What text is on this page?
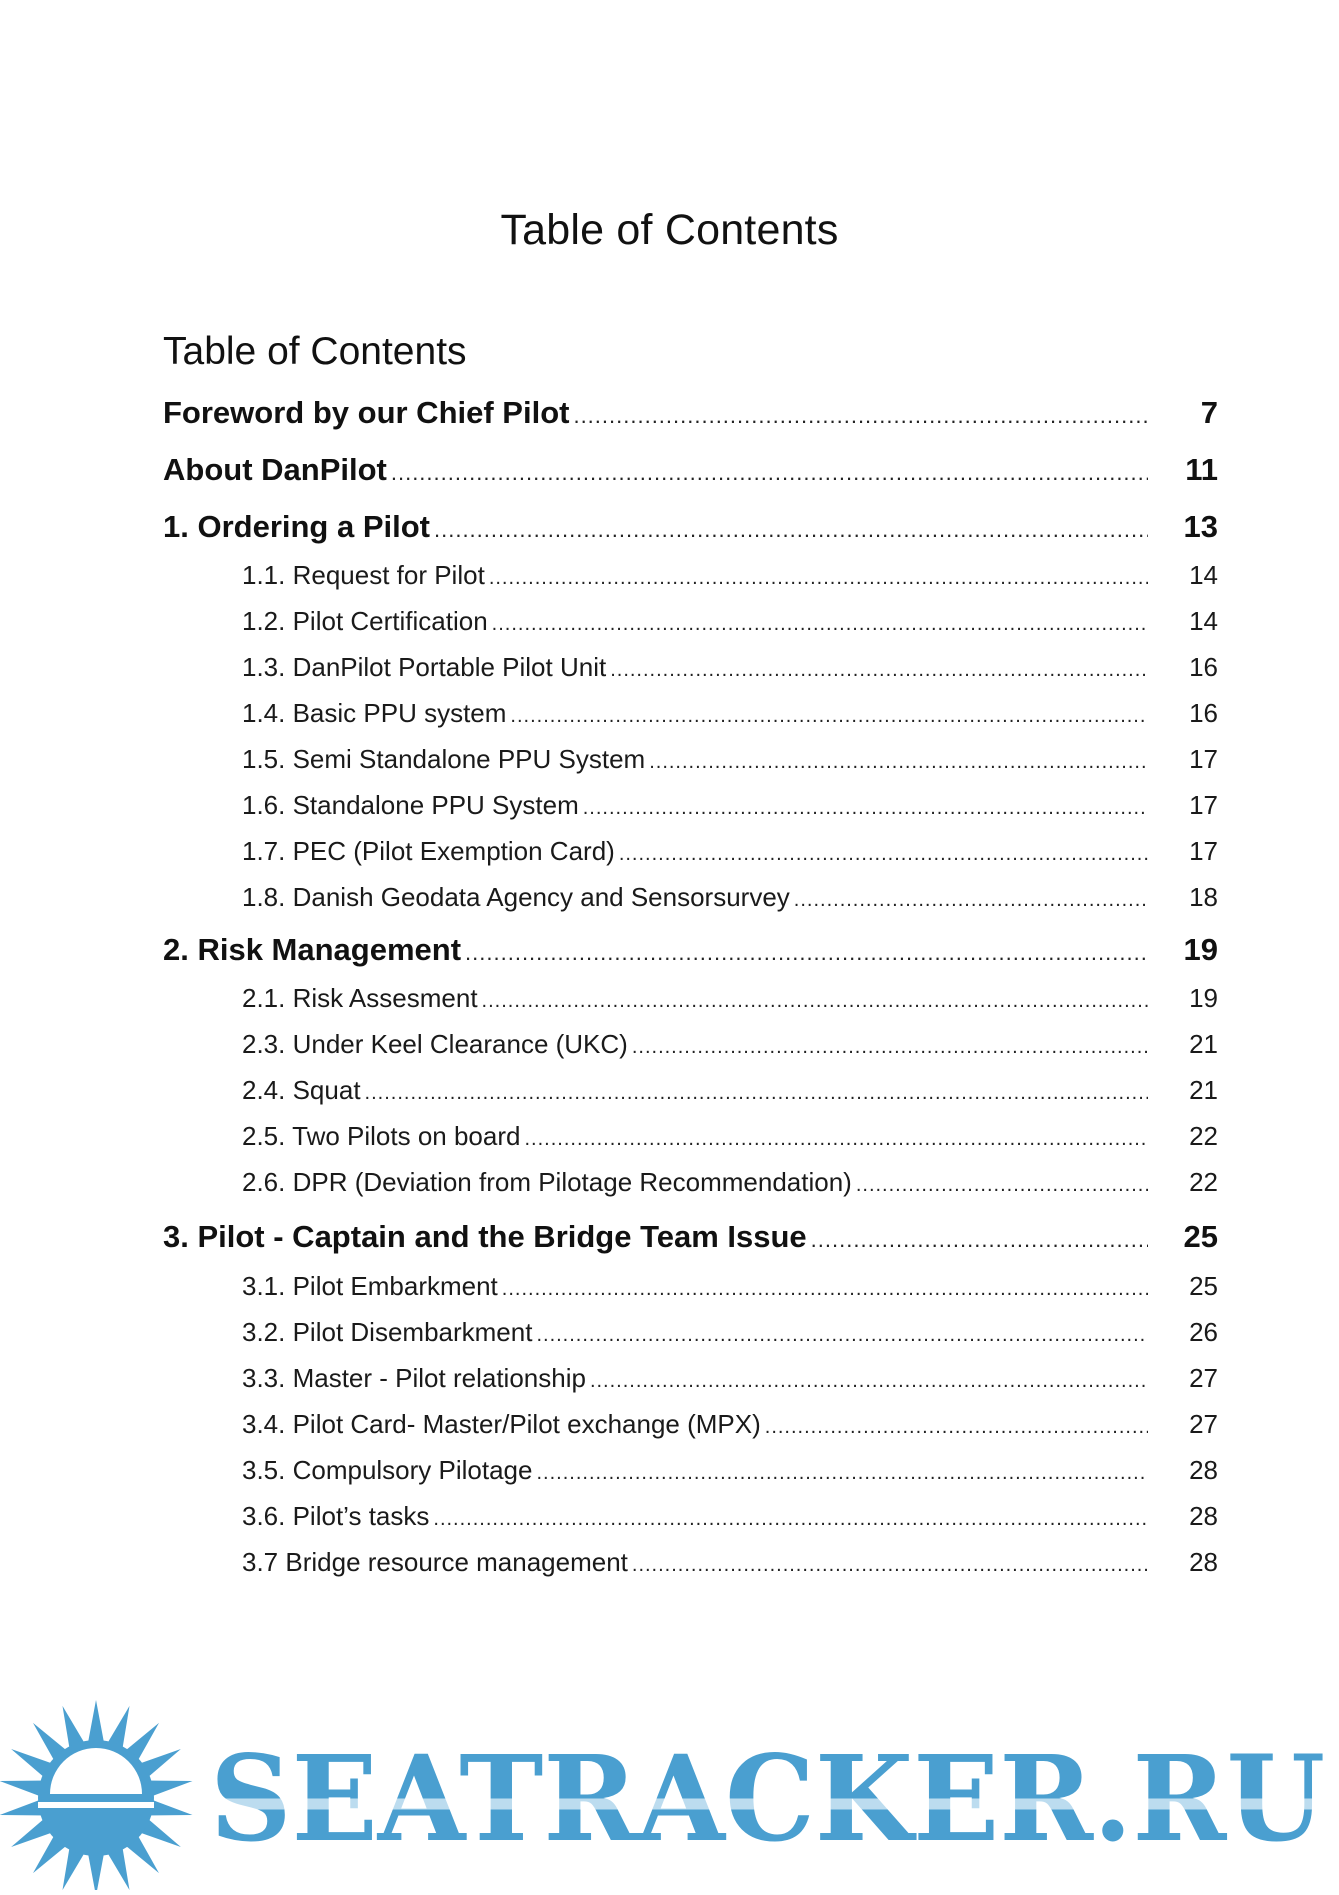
Table of Contents
Table of Contents
Foreword by our Chief Pilot .....	7
About DanPilot .....	11
1. Ordering a Pilot .....	13
1.1. Request for Pilot .....	14
1.2. Pilot Certification .....	14
1.3. DanPilot Portable Pilot Unit .....	16
1.4. Basic PPU system .....	16
1.5. Semi Standalone PPU System .....	17
1.6. Standalone PPU System .....	17
1.7. PEC (Pilot Exemption Card) .....	17
1.8. Danish Geodata Agency and Sensorsurvey .....	18
2. Risk Management .....	19
2.1. Risk Assesment .....	19
2.3. Under Keel Clearance (UKC) .....	21
2.4. Squat .....	21
2.5. Two Pilots on board .....	22
2.6. DPR (Deviation from Pilotage Recommendation) .....	22
3. Pilot - Captain and the Bridge Team Issue .....	25
3.1. Pilot Embarkment .....	25
3.2. Pilot Disembarkment .....	26
3.3. Master - Pilot relationship .....	27
3.4. Pilot Card- Master/Pilot exchange (MPX) .....	27
3.5. Compulsory Pilotage .....	28
3.6. Pilot’s tasks .....	28
3.7 Bridge resource management .....	28
SEATRACKER.RU
